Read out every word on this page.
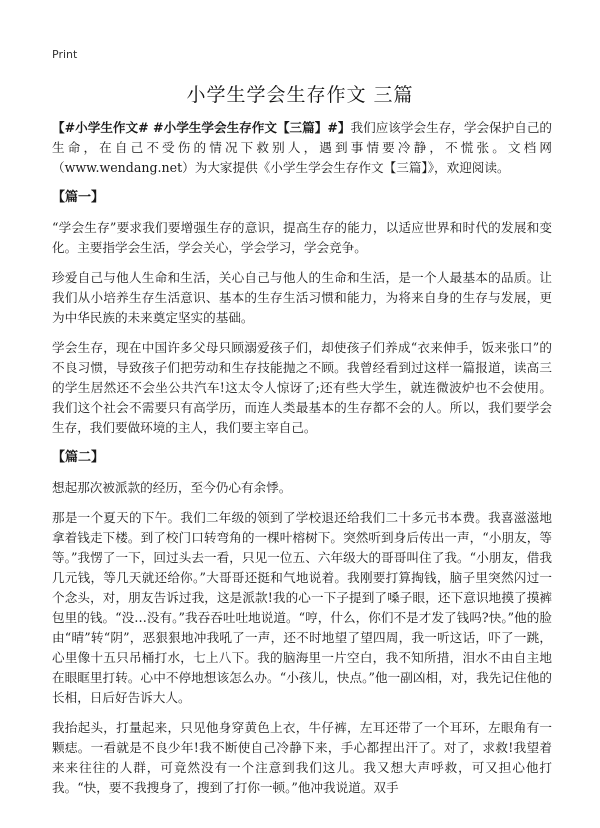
Print
小学生学会生存作文 三篇

【#小学生作文# #小学生学会生存作文【三篇】#】我们应该学会生存，学会保护自己的生命，在自己不受伤的情况下救别人，遇到事情要冷静，不慌张。文档网（www.wendang.net）为大家提供《小学生学会生存作文【三篇】》，欢迎阅读。

【篇一】

“学会生存”要求我们要增强生存的意识，提高生存的能力，以适应世界和时代的发展和变化。主要指学会生活，学会关心，学会学习，学会竞争。

珍爱自己与他人生命和生活，关心自己与他人的生命和生活，是一个人最基本的品质。让我们从小培养生存生活意识、基本的生存生活习惯和能力，为将来自身的生存与发展，更为中华民族的未来奠定坚实的基础。

学会生存，现在中国许多父母只顾溺爱孩子们，却使孩子们养成“衣来伸手，饭来张口”的不良习惯，导致孩子们把劳动和生存技能抛之不顾。我曾经看到过这样一篇报道，读高三的学生居然还不会坐公共汽车!这太令人惊讶了;还有些大学生，就连微波炉也不会使用。我们这个社会不需要只有高学历，而连人类最基本的生存都不会的人。所以，我们要学会生存，我们要做环境的主人，我们要主宰自己。

【篇二】

想起那次被派款的经历，至今仍心有余悸。

那是一个夏天的下午。我们二年级的领到了学校退还给我们二十多元书本费。我喜滋滋地拿着钱走下楼。到了校门口转弯角的一棵叶榕树下。突然听到身后传出一声，“小朋友，等等。”我愣了一下，回过头去一看，只见一位五、六年级大的哥哥叫住了我。“小朋友，借我几元钱，等几天就还给你。”大哥哥还挺和气地说着。我刚要打算掏钱，脑子里突然闪过一个念头，对，朋友告诉过我，这是派款!我的心一下子提到了嗓子眼，还下意识地摸了摸裤包里的钱。“没…没有。”我吞吞吐吐地说道。“哼，什么，你们不是才发了钱吗?快。”他的脸由“晴”转“阴”，恶狠狠地冲我吼了一声，还不时地望了望四周，我一听这话，吓了一跳，心里像十五只吊桶打水，七上八下。我的脑海里一片空白，我不知所措，泪水不由自主地在眼眶里打转。心中不停地想该怎么办。“小孩儿，快点。”他一副凶相，对，我先记住他的长相，日后好告诉大人。

我抬起头，打量起来，只见他身穿黄色上衣，牛仔裤，左耳还带了一个耳环，左眼角有一颗痣。一看就是不良少年!我不断使自己冷静下来，手心都捏出汗了。对了，求救!我望着来来往往的人群，可竟然没有一个注意到我们这儿。我又想大声呼救，可又担心他打我。“快，要不我搜身了，搜到了打你一顿。”他冲我说道。双手
